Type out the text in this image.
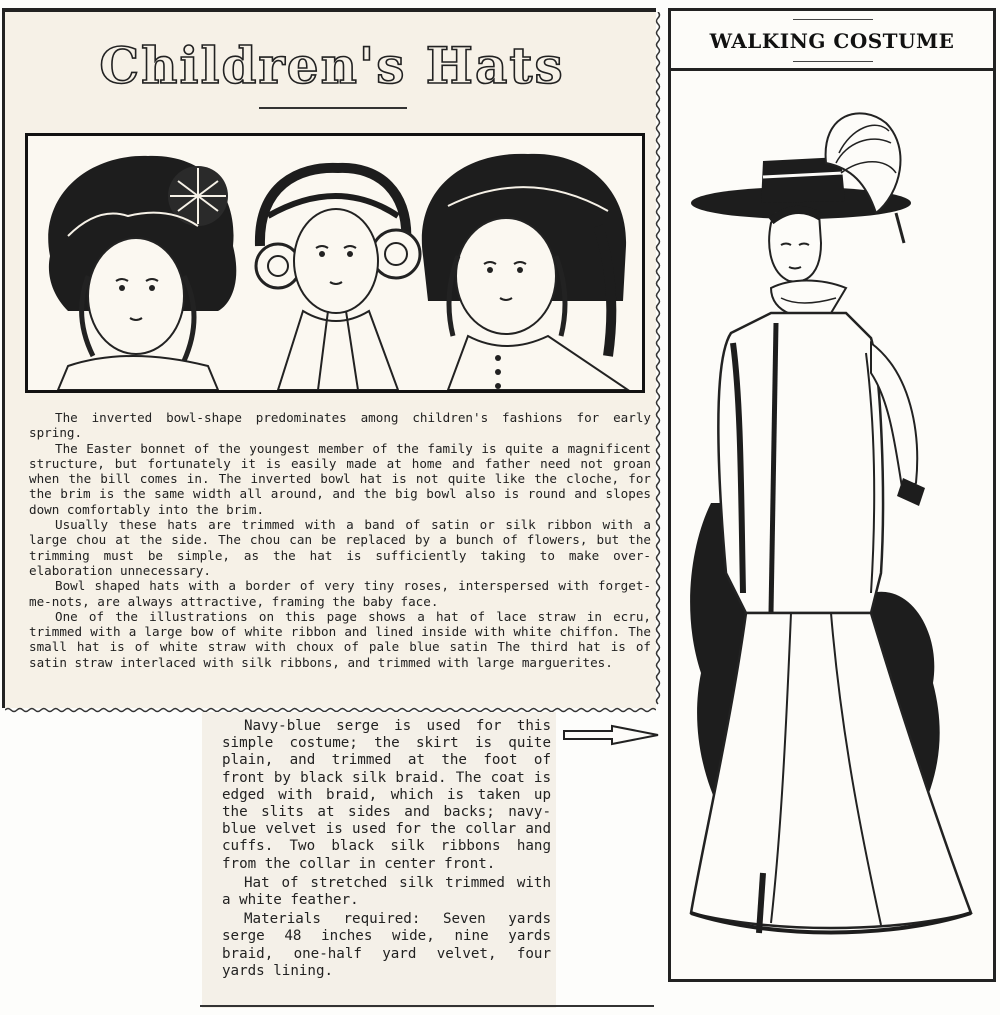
Children's Hats

The inverted bowl-shape predominates among children's fashions for early spring.

The Easter bonnet of the youngest member of the family is quite a magnificent structure, but fortunately it is easily made at home and father need not groan when the bill comes in. The inverted bowl hat is not quite like the cloche, for the brim is the same width all around, and the big bowl also is round and slopes down comfortably into the brim.

Usually these hats are trimmed with a band of satin or silk ribbon with a large chou at the side. The chou can be replaced by a bunch of flowers, but the trimming must be simple, as the hat is sufficiently taking to make over-elaboration unnecessary.

Bowl shaped hats with a border of very tiny roses, interspersed with forget-me-nots, are always attractive, framing the baby face.

One of the illustrations on this page shows a hat of lace straw in ecru, trimmed with a large bow of white ribbon and lined inside with white chiffon. The small hat is of white straw with choux of pale blue satin The third hat is of satin straw interlaced with silk ribbons, and trimmed with large marguerites.

WALKING COSTUME

Navy-blue serge is used for this simple costume; the skirt is quite plain, and trimmed at the foot of front by black silk braid. The coat is edged with braid, which is taken up the slits at sides and backs; navy-blue velvet is used for the collar and cuffs. Two black silk ribbons hang from the collar in center front.

Hat of stretched silk trimmed with a white feather.

Materials required: Seven yards serge 48 inches wide, nine yards braid, one-half yard velvet, four yards lining.
